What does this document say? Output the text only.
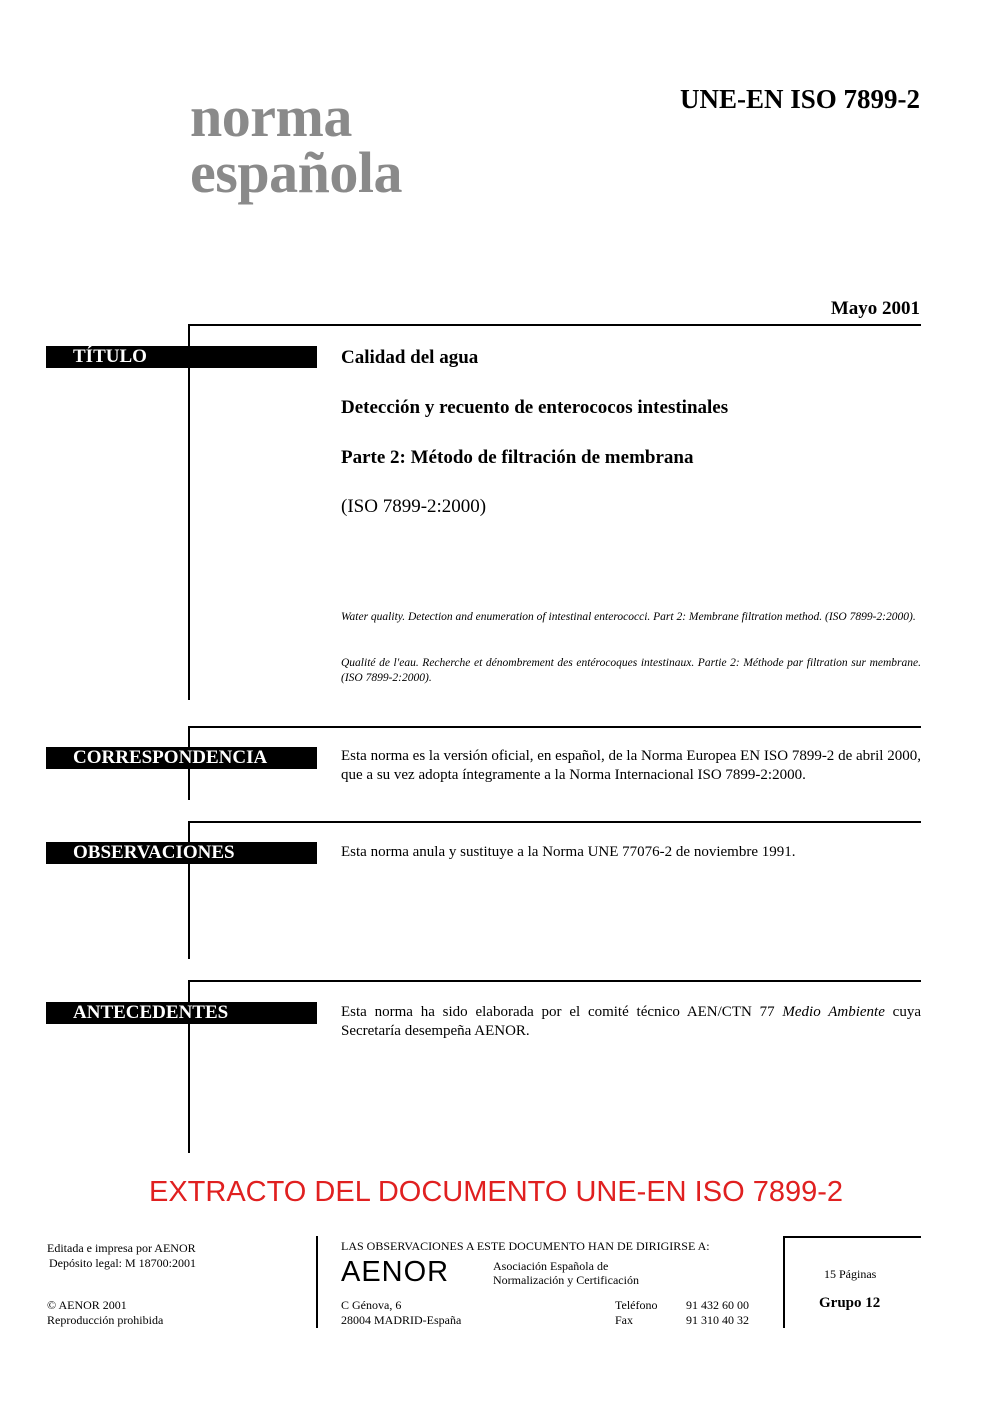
norma
española
UNE-EN ISO 7899-2
Mayo 2001
TÍTULO	Calidad del agua
Detección y recuento de enterococos intestinales
Parte 2: Método de filtración de membrana
(ISO 7899-2:2000)
Water quality. Detection and enumeration of intestinal enterococci. Part 2: Membrane filtration method. (ISO 7899-2:2000).
Qualité de l'eau. Recherche et dénombrement des entérocoques intestinaux. Partie 2: Méthode par filtration sur membrane. (ISO 7899-2:2000).
CORRESPONDENCIA	Esta norma es la versión oficial, en español, de la Norma Europea EN ISO 7899-2 de abril 2000, que a su vez adopta íntegramente a la Norma Internacional ISO 7899-2:2000.
OBSERVACIONES	Esta norma anula y sustituye a la Norma UNE 77076-2 de noviembre 1991.
ANTECEDENTES	Esta norma ha sido elaborada por el comité técnico AEN/CTN 77 Medio Ambiente cuya Secretaría desempeña AENOR.
EXTRACTO DEL DOCUMENTO UNE-EN ISO 7899-2
Editada e impresa por AENOR
Depósito legal: M 18700:2001
© AENOR 2001
Reproducción prohibida
LAS OBSERVACIONES A ESTE DOCUMENTO HAN DE DIRIGIRSE A:
AENOR	Asociación Española de
Normalización y Certificación
C Génova, 6
28004 MADRID-España
Teléfono 91 432 60 00
Fax	91 310 40 32
15 Páginas
Grupo 12
